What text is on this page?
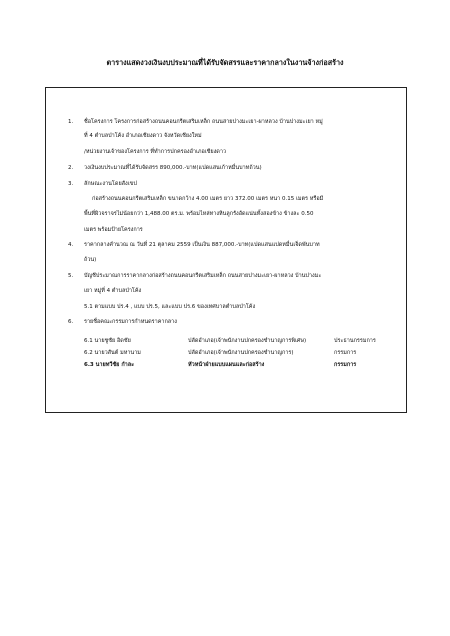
ตารางแสดงวงเงินงบประมาณที่ได้รับจัดสรรและราคากลางในงานจ้างก่อสร้าง
1. ชื่อโครงการ โครงการก่อสร้างถนนคอนกรีตเสริมเหล็ก ถนนสายปางมะเยา-ผาหลวง บ้านปางมะเยา หมู่
ที่ 4 ตำบลป่าโค้ง อำเภอเชียงดาว จังหวัดเชียงใหม่
/หน่วยงานเจ้าของโครงการ ที่ทำการปกครองอำเภอเชียงดาว
2. วงเงินงบประมาณที่ได้รับจัดสรร 890,000.-บาท(แปดแสนเก้าหมื่นบาทถ้วน)
3. ลักษณะงานโดยสังเขป
ก่อสร้างถนนคอนกรีตเสริมเหล็ก ขนาดกว้าง 4.00 เมตร ยาว 372.00 เมตร หนา 0.15 เมตร หรือมี
พื้นที่ผิวจราจรไม่น้อยกว่า 1,488.00 ตร.ม. พร้อมไหล่ทางหินลูกรังอัดแน่นทั้งสองข้าง ข้างละ 0.50
เมตร พร้อมป้ายโครงการ
4. ราคากลางคำนวณ ณ วันที่ 21 ตุลาคม 2559 เป็นเงิน 887,000.-บาท(แปดแสนแปดหมื่นเจ็ดพันบาท
ถ้วน)
5. บัญชีประมาณการราคากลางก่อสร้างถนนคอนกรีตเสริมเหล็ก ถนนสายปางมะเยา-ผาหลวง บ้านปางมะ
เยา หมู่ที่ 4 ตำบลป่าโค้ง
5.1 ตามแบบ ปร.4 , แบบ ปร.5, และแบบ ปร.6 ของเทศบาลตำบลป่าโค้ง
6. รายชื่อคณะกรรมการกำหนดราคากลาง
6.1 นายชูชัย อิดชัย	ปลัดอำเภอ(เจ้าพนักงานปกครองชำนาญการพิเศษ)	ประธานกรรมการ
6.2 นายวสันต์ มหานาม	ปลัดอำเภอ(เจ้าพนักงานปกครองชำนาญการ)	กรรมการ
6.3 นายทวีชัย กำละ	หัวหน้าฝ่ายแบบแผนและก่อสร้าง	กรรมการ
